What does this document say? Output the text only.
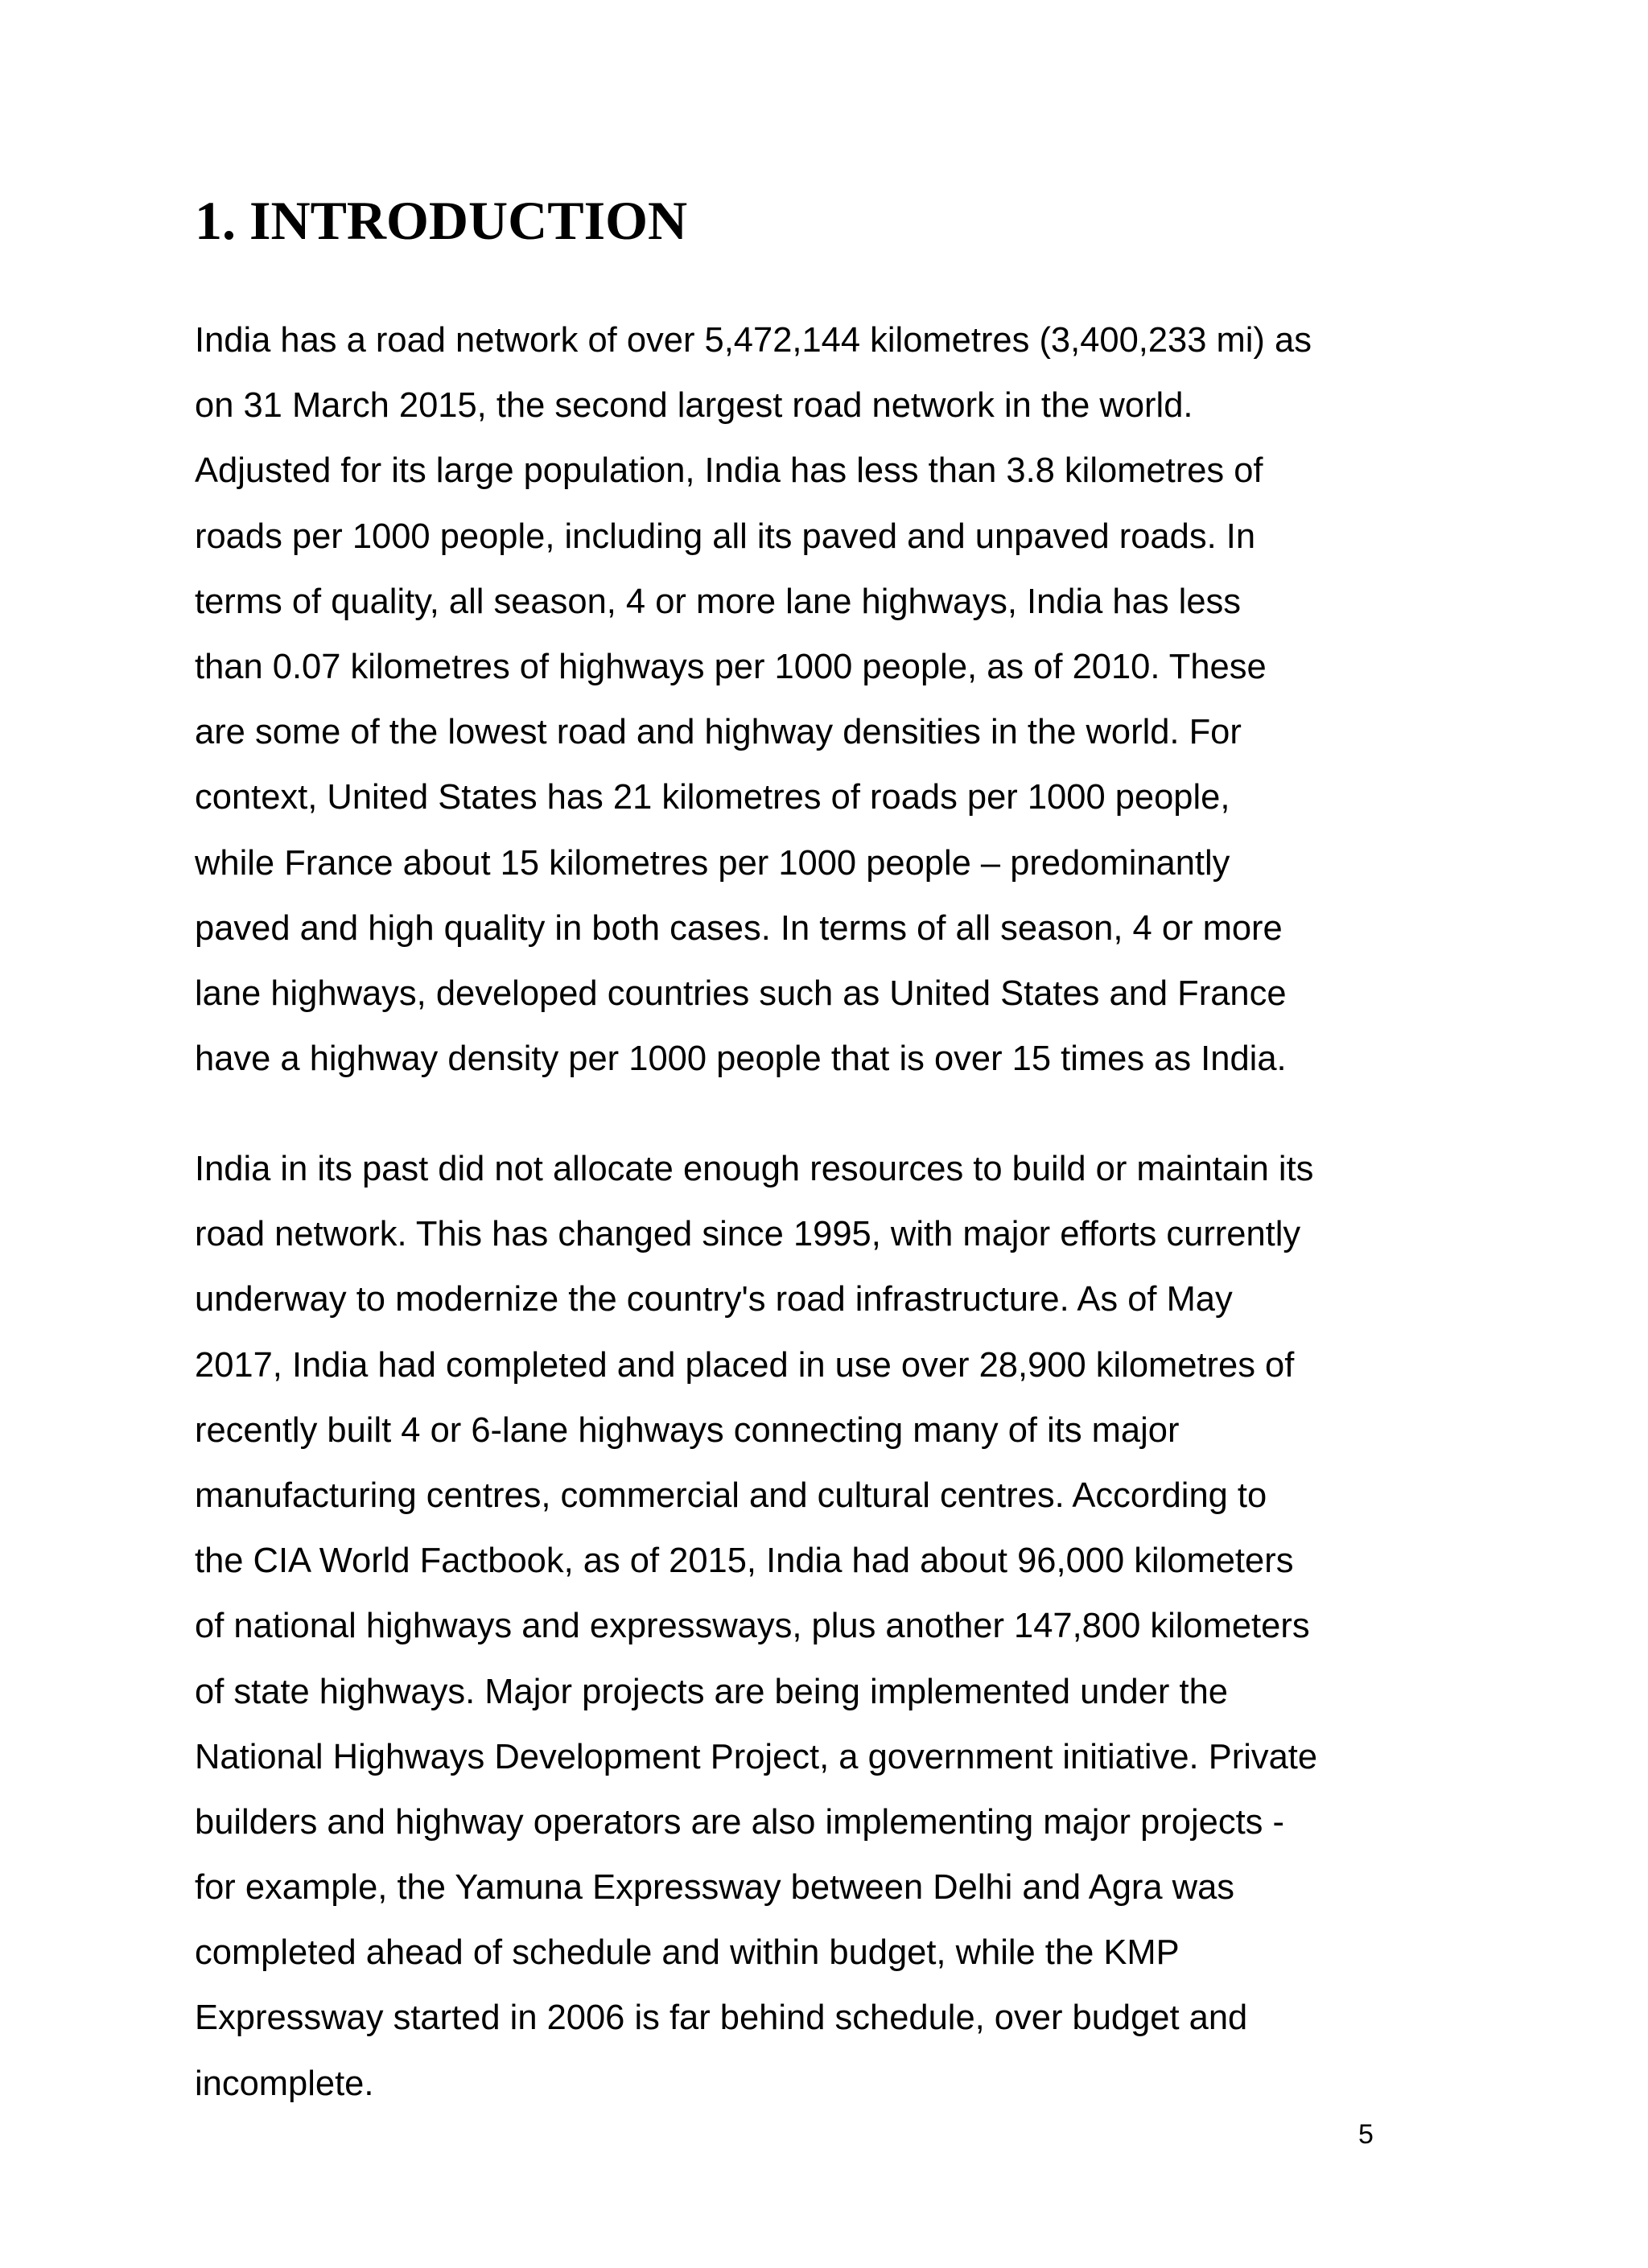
1. INTRODUCTION
India has a road network of over 5,472,144 kilometres (3,400,233 mi) as
on 31 March 2015, the second largest road network in the world.
Adjusted for its large population, India has less than 3.8 kilometres of
roads per 1000 people, including all its paved and unpaved roads. In
terms of quality, all season, 4 or more lane highways, India has less
than 0.07 kilometres of highways per 1000 people, as of 2010. These
are some of the lowest road and highway densities in the world. For
context, United States has 21 kilometres of roads per 1000 people,
while France about 15 kilometres per 1000 people – predominantly
paved and high quality in both cases. In terms of all season, 4 or more
lane highways, developed countries such as United States and France
have a highway density per 1000 people that is over 15 times as India.
India in its past did not allocate enough resources to build or maintain its
road network. This has changed since 1995, with major efforts currently
underway to modernize the country's road infrastructure. As of May
2017, India had completed and placed in use over 28,900 kilometres of
recently built 4 or 6-lane highways connecting many of its major
manufacturing centres, commercial and cultural centres. According to
the CIA World Factbook, as of 2015, India had about 96,000 kilometers
of national highways and expressways, plus another 147,800 kilometers
of state highways. Major projects are being implemented under the
National Highways Development Project, a government initiative. Private
builders and highway operators are also implementing major projects -
for example, the Yamuna Expressway between Delhi and Agra was
completed ahead of schedule and within budget, while the KMP
Expressway started in 2006 is far behind schedule, over budget and
incomplete.

5
